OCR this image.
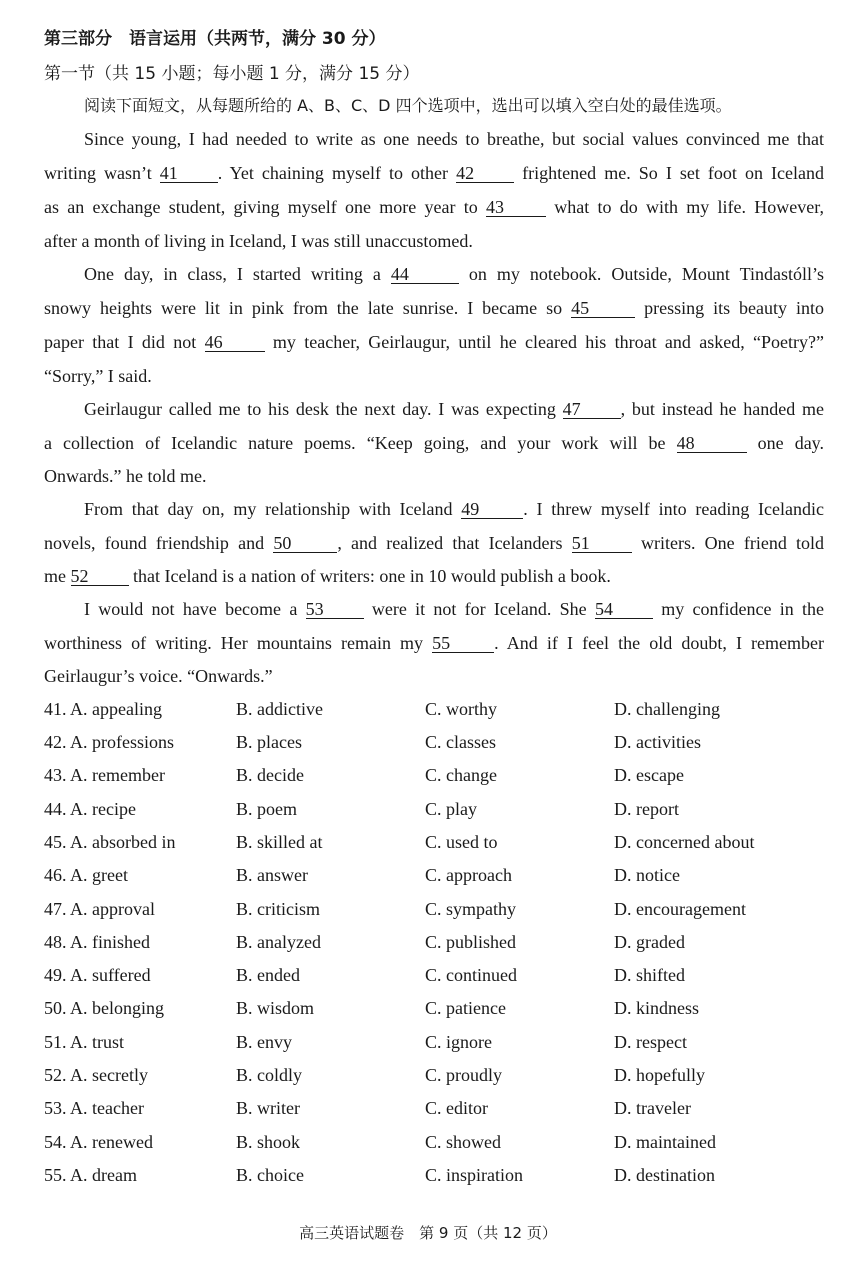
第三部分　语言运用（共两节，满分 30 分）
第一节（共 15 小题；每小题 1 分，满分 15 分）
阅读下面短文，从每题所给的 A、B、C、D 四个选项中，选出可以填入空白处的最佳选项。
Since young, I had needed to write as one needs to breathe, but social values convinced me that
writing wasn’t 41 . Yet chaining myself to other 42	frightened me. So I set foot on Iceland
as an exchange student, giving myself one more year to 43	what to do with my life. However,
after a month of living in Iceland, I was still unaccustomed.
One day, in class, I started writing a 44	on my notebook. Outside, Mount Tindastóll’s
snowy heights were lit in pink from the late sunrise. I became so 45	pressing its beauty into
paper that I did not 46	my teacher, Geirlaugur, until he cleared his throat and asked, “Poetry?”
“Sorry,” I said.
Geirlaugur called me to his desk the next day. I was expecting 47 , but instead he handed me
a collection of Icelandic nature poems. “Keep going, and your work will be 48	one day.
Onwards.” he told me.
From that day on, my relationship with Iceland 49 . I threw myself into reading Icelandic
novels, found friendship and 50	, and realized that Icelanders 51	writers. One friend told
me 52 that Iceland is a nation of writers: one in 10 would publish a book.
I would not have become a 53	were it not for Iceland. She 54	my confidence in the
worthiness of writing. Her mountains remain my 55 . And if I feel the old doubt, I remember
Geirlaugur’s voice. “Onwards.”
41. A. appealing	B. addictive	C. worthy	D. challenging
42. A. professions	B. places	C. classes	D. activities
43. A. remember	B. decide	C. change	D. escape
44. A. recipe	B. poem	C. play	D. report
45. A. absorbed in	B. skilled at	C. used to	D. concerned about
46. A. greet	B. answer	C. approach	D. notice
47. A. approval	B. criticism	C. sympathy	D. encouragement
48. A. finished	B. analyzed	C. published	D. graded
49. A. suffered	B. ended	C. continued	D. shifted
50. A. belonging	B. wisdom	C. patience	D. kindness
51. A. trust	B. envy	C. ignore	D. respect
52. A. secretly	B. coldly	C. proudly	D. hopefully
53. A. teacher	B. writer	C. editor	D. traveler
54. A. renewed	B. shook	C. showed	D. maintained
55. A. dream	B. choice	C. inspiration	D. destination
高三英语试题卷　第 9 页（共 12 页）
